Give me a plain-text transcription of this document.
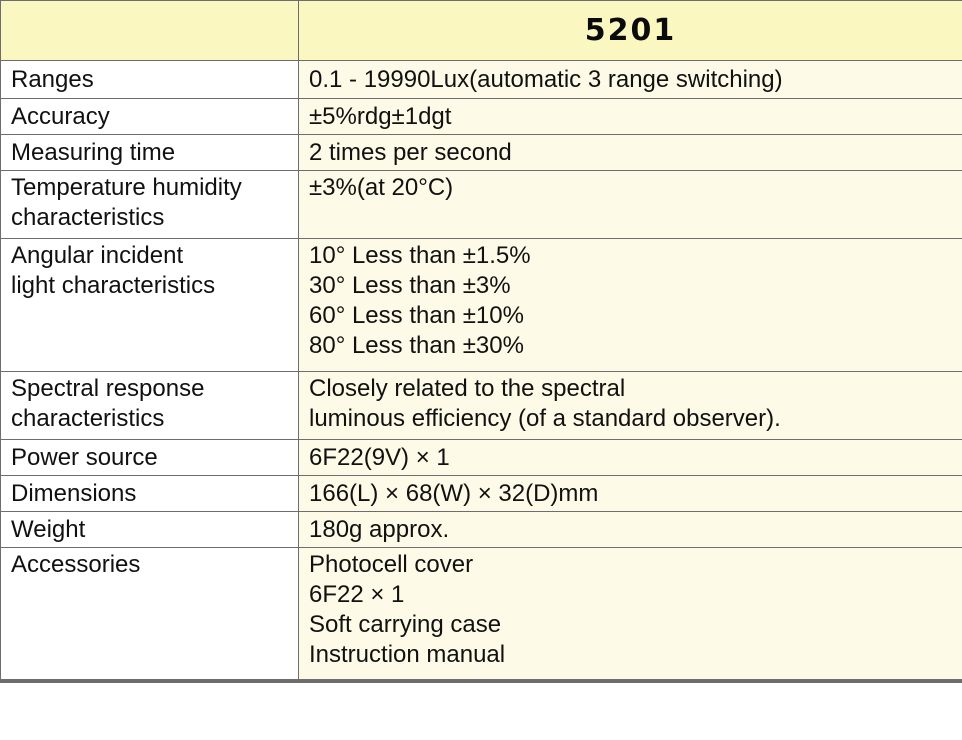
	5201

Ranges	0.1 - 19990Lux(automatic 3 range switching)

Accuracy	±5%rdg±1dgt

Measuring time	2 times per second

Temperature humidity
characteristics	±3%(at 20°C)

Angular incident
light characteristics	10° Less than ±1.5%
30° Less than ±3%
60° Less than ±10%
80° Less than ±30%

Spectral response
characteristics	Closely related to the spectral
luminous efficiency (of a standard observer).

Power source	6F22(9V) × 1

Dimensions	166(L) × 68(W) × 32(D)mm

Weight	180g approx.

Accessories	Photocell cover
6F22 × 1
Soft carrying case
Instruction manual
